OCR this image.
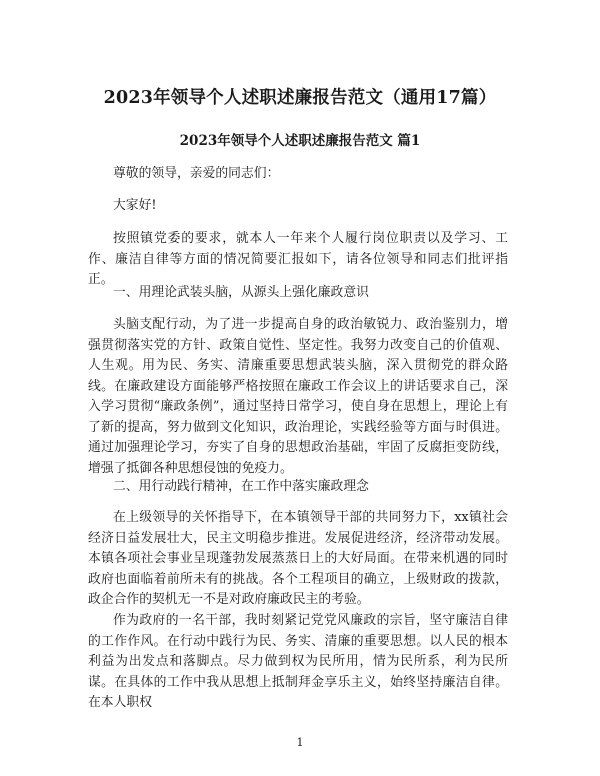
2023年领导个人述职述廉报告范文（通用17篇）
2023年领导个人述职述廉报告范文 篇1
尊敬的领导，亲爱的同志们：
大家好!
按照镇党委的要求，就本人一年来个人履行岗位职责以及学习、工作、廉洁自律等方面的情况简要汇报如下，请各位领导和同志们批评指正。
一、用理论武装头脑，从源头上强化廉政意识
头脑支配行动，为了进一步提高自身的政治敏锐力、政治鉴别力，增强贯彻落实党的方针、政策自觉性、坚定性。我努力改变自己的价值观、人生观。用为民、务实、清廉重要思想武装头脑，深入贯彻党的群众路线。在廉政建设方面能够严格按照在廉政工作会议上的讲话要求自己，深入学习贯彻“廉政条例”，通过坚持日常学习，使自身在思想上，理论上有了新的提高，努力做到文化知识，政治理论，实践经验等方面与时俱进。通过加强理论学习，夯实了自身的思想政治基础，牢固了反腐拒变防线，增强了抵御各种思想侵蚀的免疫力。
二、用行动践行精神，在工作中落实廉政理念
在上级领导的关怀指导下，在本镇领导干部的共同努力下，xx镇社会经济日益发展壮大，民主文明稳步推进。发展促进经济，经济带动发展。本镇各项社会事业呈现蓬勃发展蒸蒸日上的大好局面。在带来机遇的同时政府也面临着前所未有的挑战。各个工程项目的确立，上级财政的拨款，政企合作的契机无一不是对政府廉政民主的考验。
作为政府的一名干部，我时刻紧记党党风廉政的宗旨，坚守廉洁自律的工作作风。在行动中践行为民、务实、清廉的重要思想。以人民的根本利益为出发点和落脚点。尽力做到权为民所用，情为民所系，利为民所谋。在具体的工作中我从思想上抵制拜金享乐主义，始终坚持廉洁自律。在本人职权
1
